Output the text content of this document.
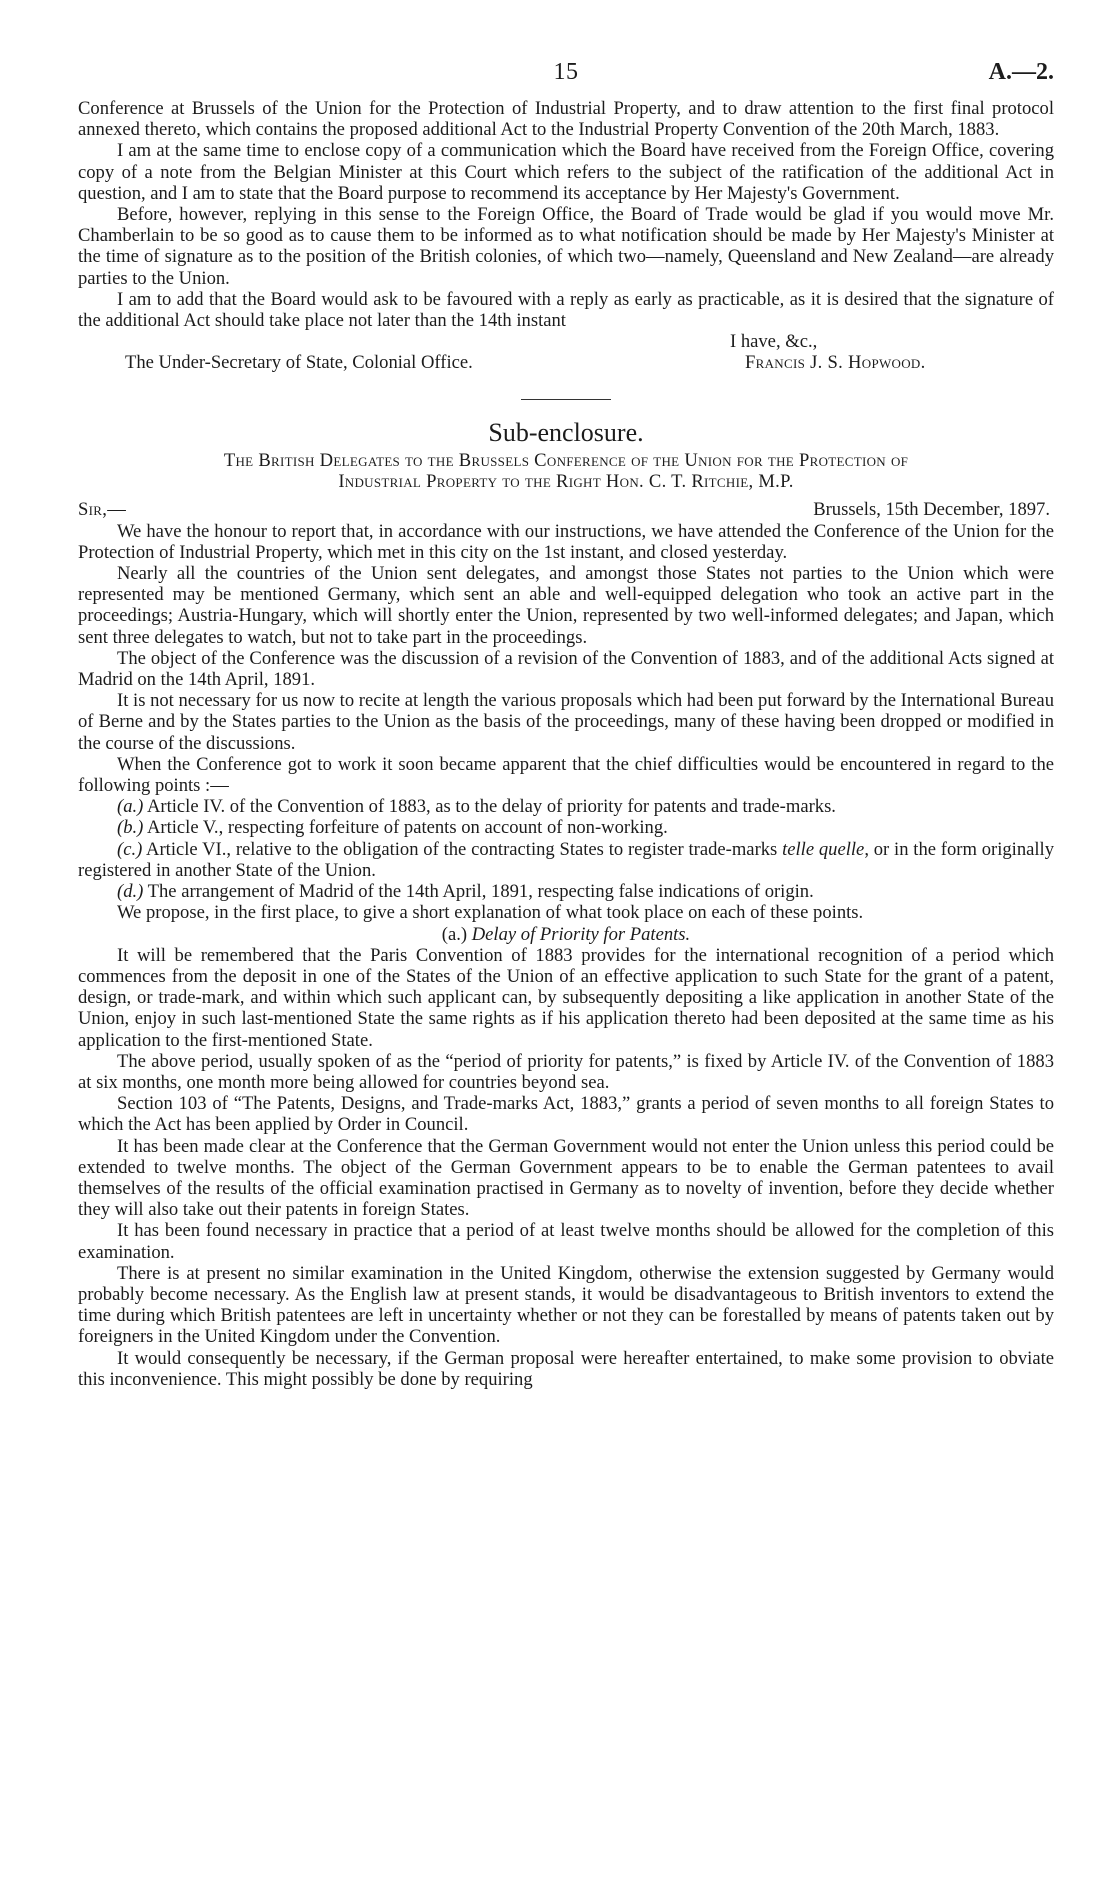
15	A.—2.

Conference at Brussels of the Union for the Protection of Industrial Property, and to draw attention to the first final protocol annexed thereto, which contains the proposed additional Act to the Industrial Property Convention of the 20th March, 1883.

I am at the same time to enclose copy of a communication which the Board have received from the Foreign Office, covering copy of a note from the Belgian Minister at this Court which refers to the subject of the ratification of the additional Act in question, and I am to state that the Board purpose to recommend its acceptance by Her Majesty's Government.

Before, however, replying in this sense to the Foreign Office, the Board of Trade would be glad if you would move Mr. Chamberlain to be so good as to cause them to be informed as to what notification should be made by Her Majesty's Minister at the time of signature as to the position of the British colonies, of which two—namely, Queensland and New Zealand—are already parties to the Union.

I am to add that the Board would ask to be favoured with a reply as early as practicable, as it is desired that the signature of the additional Act should take place not later than the 14th instant

I have, &c.,
The Under-Secretary of State, Colonial Office.	Francis J. S. Hopwood.
Sub-enclosure.
The British Delegates to the Brussels Conference of the Union for the Protection of
Industrial Property to the Right Hon. C. T. Ritchie, M.P.
Sir,—	Brussels, 15th December, 1897.

We have the honour to report that, in accordance with our instructions, we have attended the Conference of the Union for the Protection of Industrial Property, which met in this city on the 1st instant, and closed yesterday.

Nearly all the countries of the Union sent delegates, and amongst those States not parties to the Union which were represented may be mentioned Germany, which sent an able and well-equipped delegation who took an active part in the proceedings; Austria-Hungary, which will shortly enter the Union, represented by two well-informed delegates; and Japan, which sent three delegates to watch, but not to take part in the proceedings.

The object of the Conference was the discussion of a revision of the Convention of 1883, and of the additional Acts signed at Madrid on the 14th April, 1891.

It is not necessary for us now to recite at length the various proposals which had been put forward by the International Bureau of Berne and by the States parties to the Union as the basis of the proceedings, many of these having been dropped or modified in the course of the discussions.

When the Conference got to work it soon became apparent that the chief difficulties would be encountered in regard to the following points :—

(a.) Article IV. of the Convention of 1883, as to the delay of priority for patents and trade-marks.

(b.) Article V., respecting forfeiture of patents on account of non-working.

(c.) Article VI., relative to the obligation of the contracting States to register trade-marks telle quelle, or in the form originally registered in another State of the Union.

(d.) The arrangement of Madrid of the 14th April, 1891, respecting false indications of origin.

We propose, in the first place, to give a short explanation of what took place on each of these points.

(a.) Delay of Priority for Patents.

It will be remembered that the Paris Convention of 1883 provides for the international recognition of a period which commences from the deposit in one of the States of the Union of an effective application to such State for the grant of a patent, design, or trade-mark, and within which such applicant can, by subsequently depositing a like application in another State of the Union, enjoy in such last-mentioned State the same rights as if his application thereto had been deposited at the same time as his application to the first-mentioned State.

The above period, usually spoken of as the “period of priority for patents,” is fixed by Article IV. of the Convention of 1883 at six months, one month more being allowed for countries beyond sea.

Section 103 of “The Patents, Designs, and Trade-marks Act, 1883,” grants a period of seven months to all foreign States to which the Act has been applied by Order in Council.

It has been made clear at the Conference that the German Government would not enter the Union unless this period could be extended to twelve months. The object of the German Government appears to be to enable the German patentees to avail themselves of the results of the official examination practised in Germany as to novelty of invention, before they decide whether they will also take out their patents in foreign States.

It has been found necessary in practice that a period of at least twelve months should be allowed for the completion of this examination.

There is at present no similar examination in the United Kingdom, otherwise the extension suggested by Germany would probably become necessary. As the English law at present stands, it would be disadvantageous to British inventors to extend the time during which British patentees are left in uncertainty whether or not they can be forestalled by means of patents taken out by foreigners in the United Kingdom under the Convention.

It would consequently be necessary, if the German proposal were hereafter entertained, to make some provision to obviate this inconvenience. This might possibly be done by requiring
